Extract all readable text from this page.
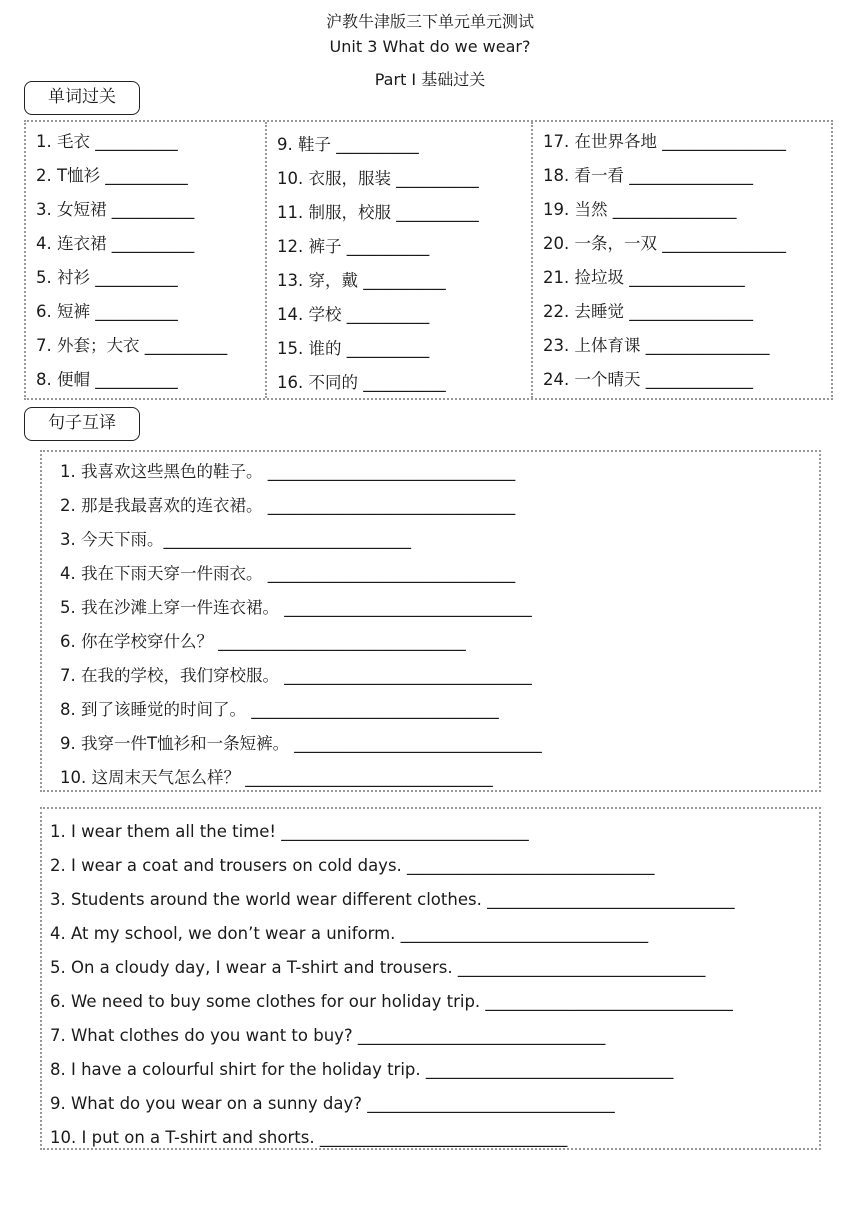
沪教牛津版三下单元单元测试
Unit 3 What do we wear?
Part Ⅰ 基础过关
单词过关
1. 毛衣 __________
2. T恤衫 __________
3. 女短裙 __________
4. 连衣裙 __________
5. 衬衫 __________
6. 短裤 __________
7. 外套；大衣 __________
8. 便帽 __________
9. 鞋子 __________
10. 衣服，服装 __________
11. 制服，校服 __________
12. 裤子 __________
13. 穿，戴 __________
14. 学校 __________
15. 谁的 __________
16. 不同的 __________
17. 在世界各地 _______________
18. 看一看 _______________
19. 当然 _______________
20. 一条，一双 _______________
21. 捡垃圾 ______________
22. 去睡觉 _______________
23. 上体育课 _______________
24. 一个晴天 _____________
句子互译
1. 我喜欢这些黑色的鞋子。 ______________________________
2. 那是我最喜欢的连衣裙。 ______________________________
3. 今天下雨。______________________________
4. 我在下雨天穿一件雨衣。 ______________________________
5. 我在沙滩上穿一件连衣裙。 ______________________________
6. 你在学校穿什么？ ______________________________
7. 在我的学校，我们穿校服。 ______________________________
8. 到了该睡觉的时间了。 ______________________________
9. 我穿一件T恤衫和一条短裤。 ______________________________
10. 这周末天气怎么样？ ______________________________
1. I wear them all the time! ______________________________
2. I wear a coat and trousers on cold days. ______________________________
3. Students around the world wear different clothes. ______________________________
4. At my school, we don’t wear a uniform. ______________________________
5. On a cloudy day, I wear a T-shirt and trousers. ______________________________
6. We need to buy some clothes for our holiday trip. ______________________________
7. What clothes do you want to buy? ______________________________
8. I have a colourful shirt for the holiday trip. ______________________________
9. What do you wear on a sunny day? ______________________________
10. I put on a T-shirt and shorts. ______________________________
